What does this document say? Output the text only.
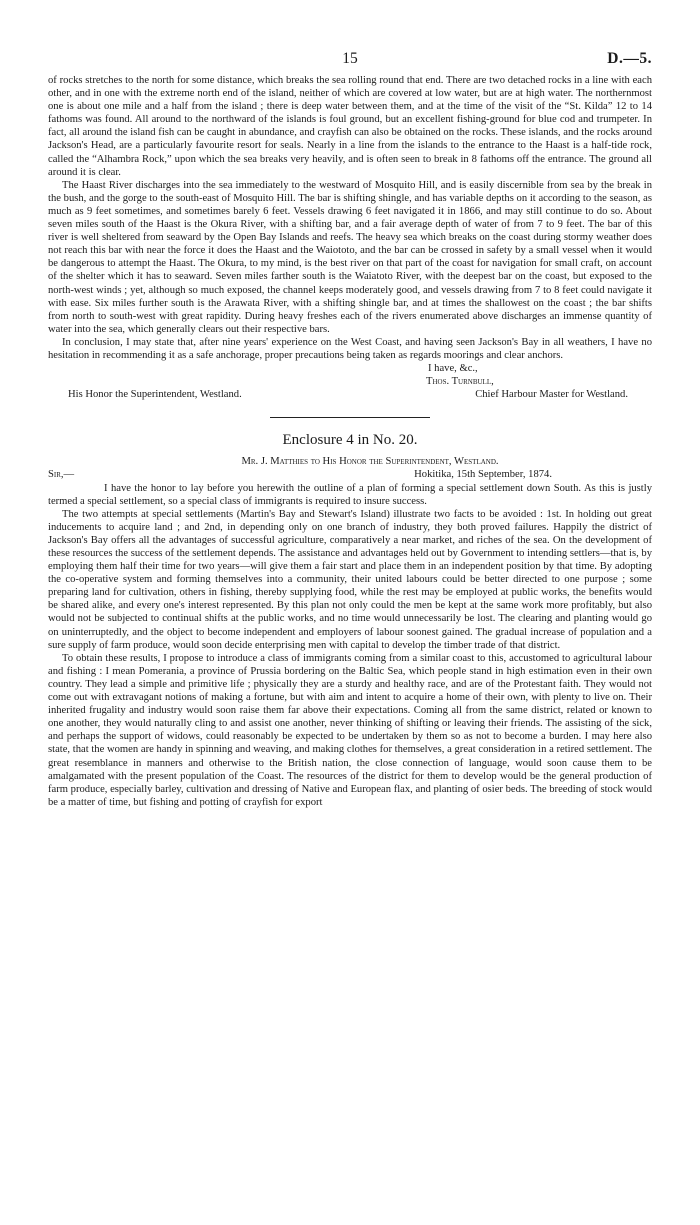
15	D.—5.

of rocks stretches to the north for some distance, which breaks the sea rolling round that end. There are two detached rocks in a line with each other, and in one with the extreme north end of the island, neither of which are covered at low water, but are at high water. The northernmost one is about one mile and a half from the island ; there is deep water between them, and at the time of the visit of the “St. Kilda” 12 to 14 fathoms was found. All around to the northward of the islands is foul ground, but an excellent fishing-ground for blue cod and trumpeter. In fact, all around the island fish can be caught in abundance, and crayfish can also be obtained on the rocks. These islands, and the rocks around Jackson's Head, are a particularly favourite resort for seals. Nearly in a line from the islands to the entrance to the Haast is a half-tide rock, called the “Alhambra Rock,” upon which the sea breaks very heavily, and is often seen to break in 8 fathoms off the entrance. The ground all around it is clear.

The Haast River discharges into the sea immediately to the westward of Mosquito Hill, and is easily discernible from sea by the break in the bush, and the gorge to the south-east of Mosquito Hill. The bar is shifting shingle, and has variable depths on it according to the season, as much as 9 feet sometimes, and sometimes barely 6 feet. Vessels drawing 6 feet navigated it in 1866, and may still continue to do so. About seven miles south of the Haast is the Okura River, with a shifting bar, and a fair average depth of water of from 7 to 9 feet. The bar of this river is well sheltered from seaward by the Open Bay Islands and reefs. The heavy sea which breaks on the coast during stormy weather does not reach this bar with near the force it does the Haast and the Waiototo, and the bar can be crossed in safety by a small vessel when it would be dangerous to attempt the Haast. The Okura, to my mind, is the best river on that part of the coast for navigation for small craft, on account of the shelter which it has to seaward. Seven miles farther south is the Waiatoto River, with the deepest bar on the coast, but exposed to the north-west winds ; yet, although so much exposed, the channel keeps moderately good, and vessels drawing from 7 to 8 feet could navigate it with ease. Six miles further south is the Arawata River, with a shifting shingle bar, and at times the shallowest on the coast ; the bar shifts from north to south-west with great rapidity. During heavy freshes each of the rivers enumerated above discharges an immense quantity of water into the sea, which generally clears out their respective bars.

In conclusion, I may state that, after nine years' experience on the West Coast, and having seen Jackson's Bay in all weathers, I have no hesitation in recommending it as a safe anchorage, proper precautions being taken as regards moorings and clear anchors.

I have, &c.,
Thos. Turnbull,
His Honor the Superintendent, Westland.	Chief Harbour Master for Westland.
Enclosure 4 in No. 20.
Mr. J. Matthies to His Honor the Superintendent, Westland.
Sir,—	Hokitika, 15th September, 1874.

I have the honor to lay before you herewith the outline of a plan of forming a special settlement down South. As this is justly termed a special settlement, so a special class of immigrants is required to insure success.

The two attempts at special settlements (Martin's Bay and Stewart's Island) illustrate two facts to be avoided : 1st. In holding out great inducements to acquire land ; and 2nd, in depending only on one branch of industry, they both proved failures. Happily the district of Jackson's Bay offers all the advantages of successful agriculture, comparatively a near market, and riches of the sea. On the development of these resources the success of the settlement depends. The assistance and advantages held out by Government to intending settlers—that is, by employing them half their time for two years—will give them a fair start and place them in an independent position by that time. By adopting the co-operative system and forming themselves into a community, their united labours could be better directed to one purpose ; some preparing land for cultivation, others in fishing, thereby supplying food, while the rest may be employed at public works, the benefits would be shared alike, and every one's interest represented. By this plan not only could the men be kept at the same work more profitably, but also would not be subjected to continual shifts at the public works, and no time would unnecessarily be lost. The clearing and planting would go on uninterruptedly, and the object to become independent and employers of labour soonest gained. The gradual increase of population and a sure supply of farm produce, would soon decide enterprising men with capital to develop the timber trade of that district.

To obtain these results, I propose to introduce a class of immigrants coming from a similar coast to this, accustomed to agricultural labour and fishing : I mean Pomerania, a province of Prussia bordering on the Baltic Sea, which people stand in high estimation even in their own country. They lead a simple and primitive life ; physically they are a sturdy and healthy race, and are of the Protestant faith. They would not come out with extravagant notions of making a fortune, but with aim and intent to acquire a home of their own, with plenty to live on. Their inherited frugality and industry would soon raise them far above their expectations. Coming all from the same district, related or known to one another, they would naturally cling to and assist one another, never thinking of shifting or leaving their friends. The assisting of the sick, and perhaps the support of widows, could reasonably be expected to be undertaken by them so as not to become a burden. I may here also state, that the women are handy in spinning and weaving, and making clothes for themselves, a great consideration in a retired settlement. The great resemblance in manners and otherwise to the British nation, the close connection of language, would soon cause them to be amalgamated with the present population of the Coast. The resources of the district for them to develop would be the general production of farm produce, especially barley, cultivation and dressing of Native and European flax, and planting of osier beds. The breeding of stock would be a matter of time, but fishing and potting of crayfish for export
